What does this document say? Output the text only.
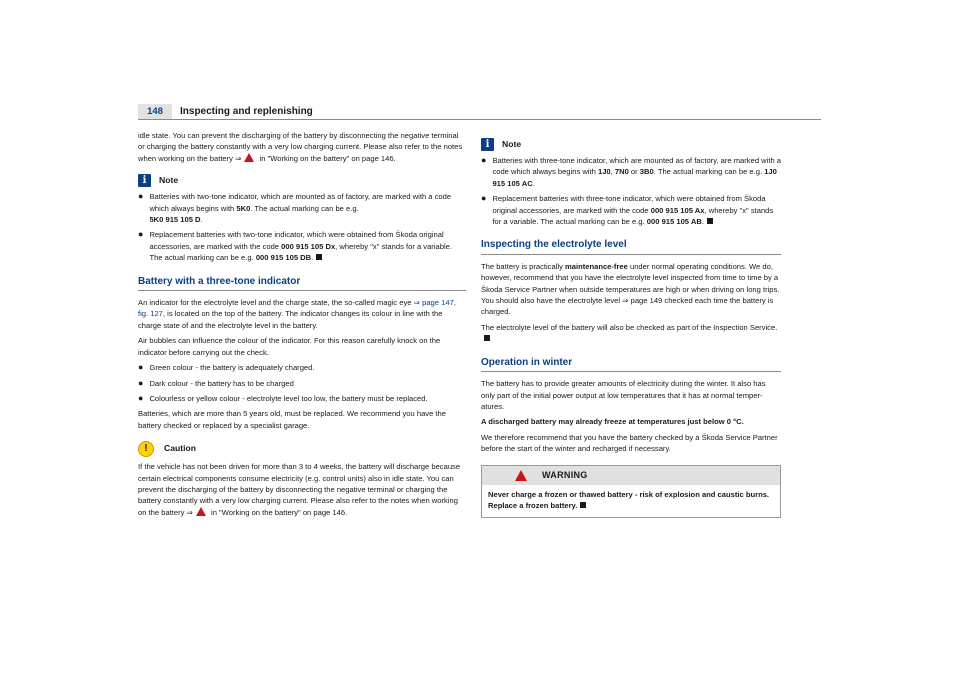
148	Inspecting and replenishing

idle state. You can prevent the discharging of the battery by disconnecting the negative terminal or charging the battery constantly with a very low charging current. Please also refer to the notes when working on the battery ⇒ in "Working on the battery" on page 146.

i	Note
● Batteries with two-tone indicator, which are mounted as of factory, are marked with a code which always begins with 5K0. The actual marking can be e.g.
5K0 915 105 D.
● Replacement batteries with two-tone indicator, which were obtained from Škoda original accessories, are marked with the code 000 915 105 Dx, whereby "x" stands for a variable. The actual marking can be e.g. 000 915 105 DB.
Battery with a three-tone indicator

An indicator for the electrolyte level and the charge state, the so-called magic eye ⇒ page 147, fig. 127, is located on the top of the battery. The indicator changes its colour in line with the charge state of and the electrolyte level in the battery.

Air bubbles can influence the colour of the indicator. For this reason carefully knock on the indicator before carrying out the check.

● Green colour - the battery is adequately charged.
● Dark colour - the battery has to be charged
● Colourless or yellow colour - electrolyte level too low, the battery must be replaced.

Batteries, which are more than 5 years old, must be replaced. We recommend you have the battery checked or replaced by a specialist garage.

!	Caution

If the vehicle has not been driven for more than 3 to 4 weeks, the battery will discharge because certain electrical components consume electricity (e.g. control units) also in idle state. You can prevent the discharging of the battery by disconnecting the negative terminal or charging the battery constantly with a very low charging current. Please also refer to the notes when working on the battery ⇒ in "Working on the battery" on page 146.

i	Note
● Batteries with three-tone indicator, which are mounted as of factory, are marked with a code which always begins with 1J0, 7N0 or 3B0. The actual marking can be e.g. 1J0 915 105 AC.
● Replacement batteries with three-tone indicator, which were obtained from Škoda original accessories, are marked with the code 000 915 105 Ax, whereby "x" stands for a variable. The actual marking can be e.g. 000 915 105 AB.
Inspecting the electrolyte level

The battery is practically maintenance-free under normal operating conditions. We do, however, recommend that you have the electrolyte level inspected from time to time by a Škoda Service Partner when outside temperatures are high or when driving on long trips. You should also have the electrolyte level ⇒ page 149 checked each time the battery is charged.

The electrolyte level of the battery will also be checked as part of the Inspection Service.

Operation in winter

The battery has to provide greater amounts of electricity during the winter. It also has only part of the initial power output at low temperatures that it has at normal temper-atures.

A discharged battery may already freeze at temperatures just below 0 °C.

We therefore recommend that you have the battery checked by a Škoda Service Partner before the start of the winter and recharged if necessary.

WARNING
Never charge a frozen or thawed battery - risk of explosion and caustic burns. Replace a frozen battery.
